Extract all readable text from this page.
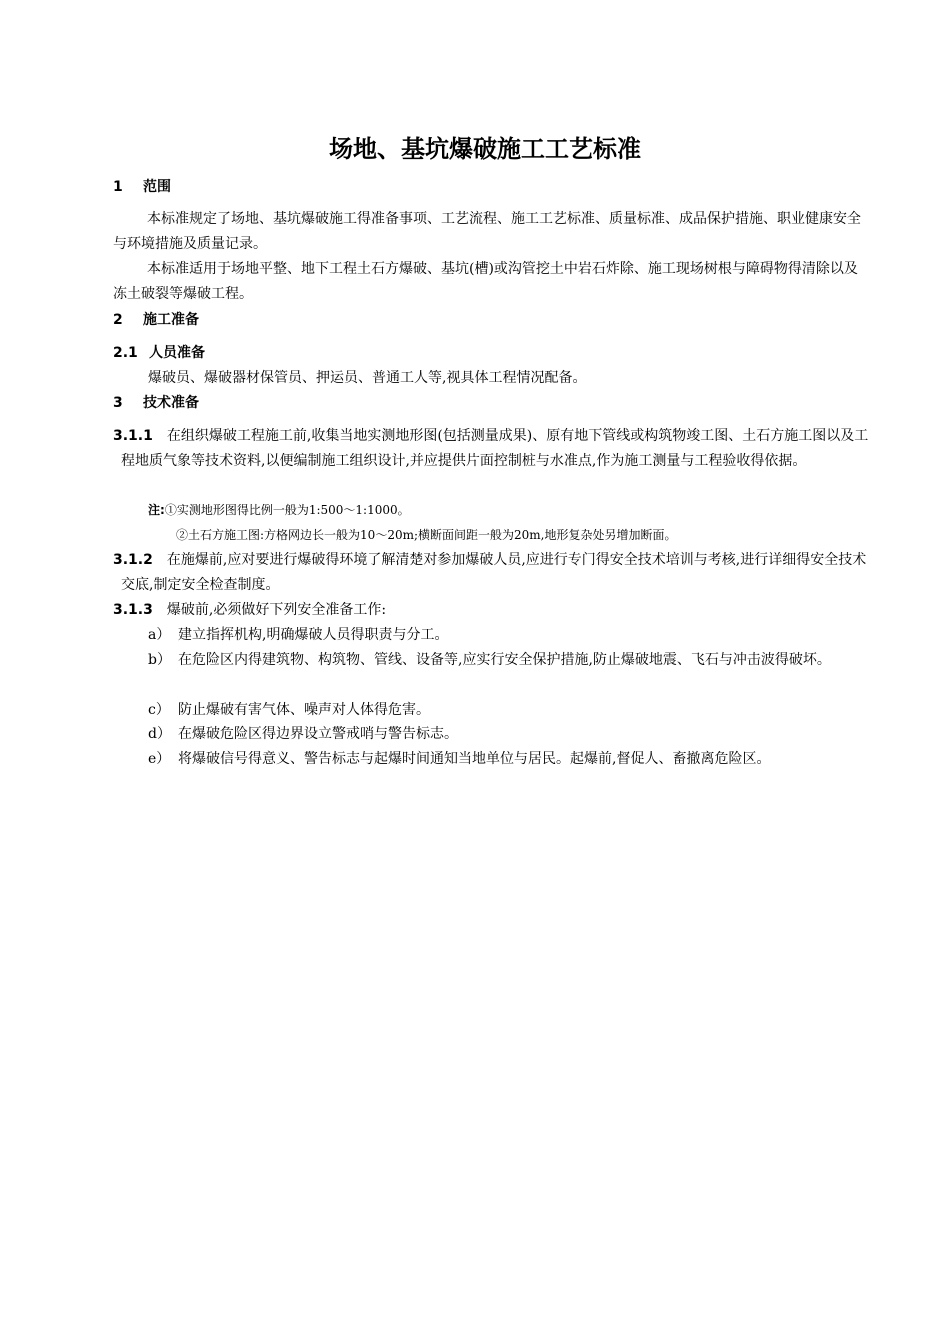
场地、基坑爆破施工工艺标准
1 范围
本标准规定了场地、基坑爆破施工得准备事项、工艺流程、施工工艺标准、质量标准、成品保护措施、职业健康安全与环境措施及质量记录。
本标准适用于场地平整、地下工程土石方爆破、基坑(槽)或沟管挖土中岩石炸除、施工现场树根与障碍物得清除以及冻土破裂等爆破工程。
2 施工准备
2.1 人员准备
爆破员、爆破器材保管员、押运员、普通工人等,视具体工程情况配备。
3 技术准备
3.1.1 在组织爆破工程施工前,收集当地实测地形图(包括测量成果)、原有地下管线或构筑物竣工图、土石方施工图以及工程地质气象等技术资料,以便编制施工组织设计,并应提供片面控制桩与水准点,作为施工测量与工程验收得依据。
注:①实测地形图得比例一般为1:500～1:1000。
②土石方施工图:方格网边长一般为10～20m;横断面间距一般为20m,地形复杂处另增加断面。
3.1.2 在施爆前,应对要进行爆破得环境了解清楚对参加爆破人员,应进行专门得安全技术培训与考核,进行详细得安全技术交底,制定安全检查制度。
3.1.3 爆破前,必须做好下列安全准备工作:
a） 建立指挥机构,明确爆破人员得职责与分工。
b） 在危险区内得建筑物、构筑物、管线、设备等,应实行安全保护措施,防止爆破地震、飞石与冲击波得破坏。
c） 防止爆破有害气体、噪声对人体得危害。
d） 在爆破危险区得边界设立警戒哨与警告标志。
e） 将爆破信号得意义、警告标志与起爆时间通知当地单位与居民。起爆前,督促人、畜撤离危险区。
